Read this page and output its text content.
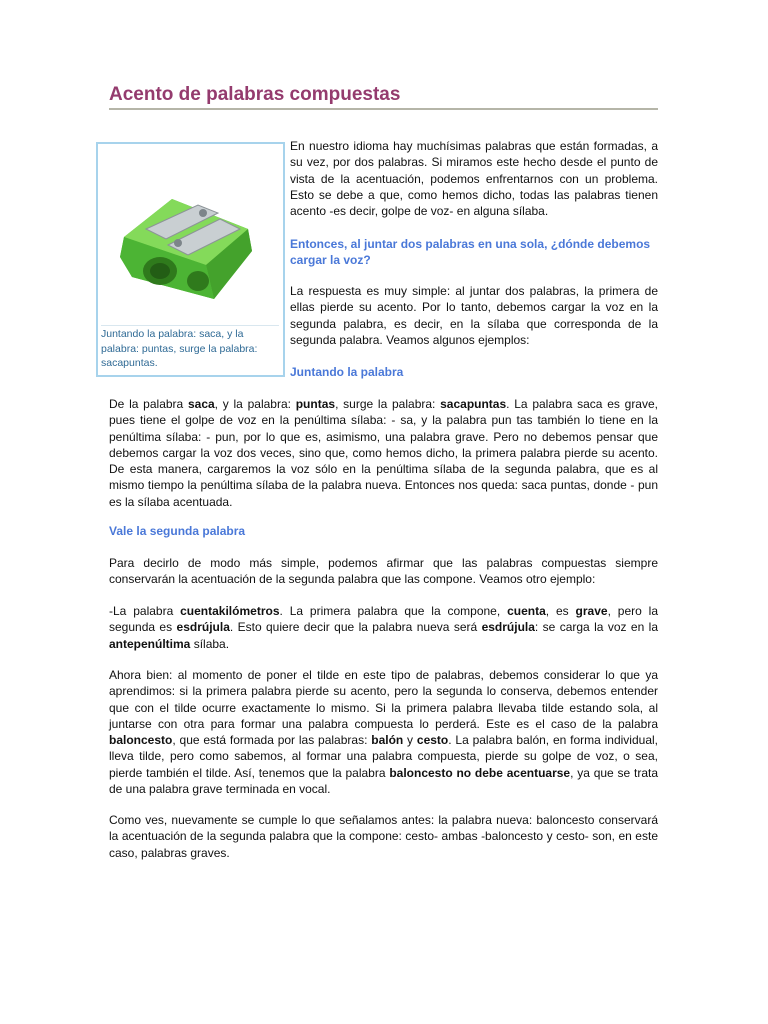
Acento de palabras compuestas
Juntando la palabra: saca, y la palabra: puntas, surge la palabra: sacapuntas.

En nuestro idioma hay muchísimas palabras que están formadas, a su vez, por dos palabras. Si miramos este hecho desde el punto de vista de la acentuación, podemos enfrentarnos con un problema. Esto se debe a que, como hemos dicho, todas las palabras tienen acento -es decir, golpe de voz- en alguna sílaba.

Entonces, al juntar dos palabras en una sola, ¿dónde debemos cargar la voz?

La respuesta es muy simple: al juntar dos palabras, la primera de ellas pierde su acento. Por lo tanto, debemos cargar la voz en la segunda palabra, es decir, en la sílaba que corresponda de la segunda palabra. Veamos algunos ejemplos:

Juntando la palabra

De la palabra saca, y la palabra: puntas, surge la palabra: sacapuntas. La palabra saca es grave, pues tiene el golpe de voz en la penúltima sílaba: - sa, y la palabra pun tas también lo tiene en la penúltima sílaba: - pun, por lo que es, asimismo, una palabra grave. Pero no debemos pensar que debemos cargar la voz dos veces, sino que, como hemos dicho, la primera palabra pierde su acento. De esta manera, cargaremos la voz sólo en la penúltima sílaba de la segunda palabra, que es al mismo tiempo la penúltima sílaba de la palabra nueva. Entonces nos queda: saca puntas, donde - pun es la sílaba acentuada.

Vale la segunda palabra

Para decirlo de modo más simple, podemos afirmar que las palabras compuestas siempre conservarán la acentuación de la segunda palabra que las compone. Veamos otro ejemplo:

-La palabra cuentakilómetros. La primera palabra que la compone, cuenta, es grave, pero la segunda es esdrújula. Esto quiere decir que la palabra nueva será esdrújula: se carga la voz en la antepenúltima sílaba.

Ahora bien: al momento de poner el tilde en este tipo de palabras, debemos considerar lo que ya aprendimos: si la primera palabra pierde su acento, pero la segunda lo conserva, debemos entender que con el tilde ocurre exactamente lo mismo. Si la primera palabra llevaba tilde estando sola, al juntarse con otra para formar una palabra compuesta lo perderá. Este es el caso de la palabra baloncesto, que está formada por las palabras: balón y cesto. La palabra balón, en forma individual, lleva tilde, pero como sabemos, al formar una palabra compuesta, pierde su golpe de voz, o sea, pierde también el tilde. Así, tenemos que la palabra baloncesto no debe acentuarse, ya que se trata de una palabra grave terminada en vocal.

Como ves, nuevamente se cumple lo que señalamos antes: la palabra nueva: baloncesto conservará la acentuación de la segunda palabra que la compone: cesto- ambas -baloncesto y cesto- son, en este caso, palabras graves.
